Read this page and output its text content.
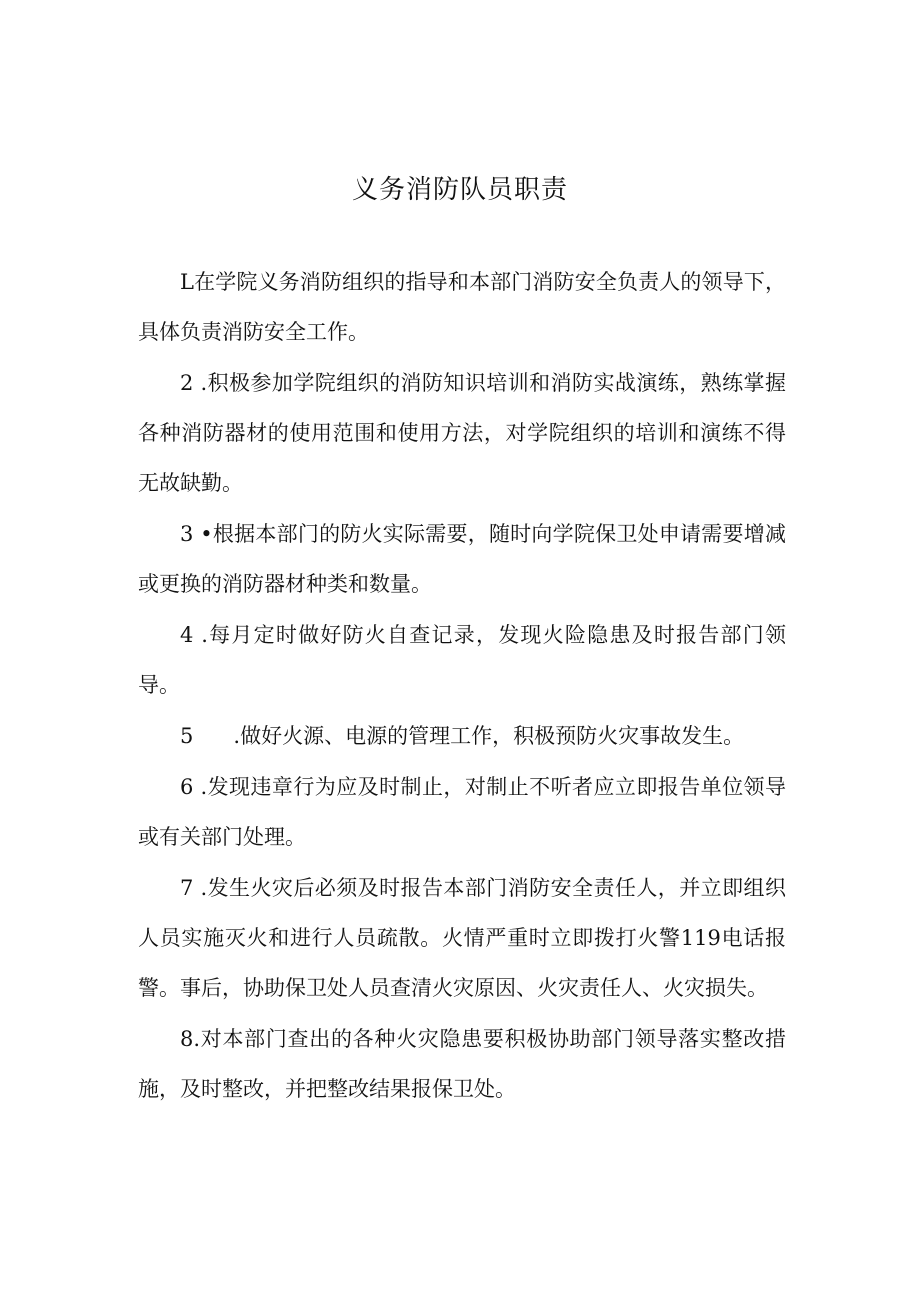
义务消防队员职责

L在学院义务消防组织的指导和本部门消防安全负责人的领导下，具体负责消防安全工作。

2 .积极参加学院组织的消防知识培训和消防实战演练，熟练掌握各种消防器材的使用范围和使用方法，对学院组织的培训和演练不得无故缺勤。

3 •根据本部门的防火实际需要，随时向学院保卫处申请需要增减或更换的消防器材种类和数量。

4 .每月定时做好防火自查记录，发现火险隐患及时报告部门领导。

5      .做好火源、电源的管理工作，积极预防火灾事故发生。

6 .发现违章行为应及时制止，对制止不听者应立即报告单位领导或有关部门处理。

7 .发生火灾后必须及时报告本部门消防安全责任人，并立即组织人员实施灭火和进行人员疏散。火情严重时立即拨打火警119电话报警。事后，协助保卫处人员查清火灾原因、火灾责任人、火灾损失。

8.对本部门查出的各种火灾隐患要积极协助部门领导落实整改措施，及时整改，并把整改结果报保卫处。
